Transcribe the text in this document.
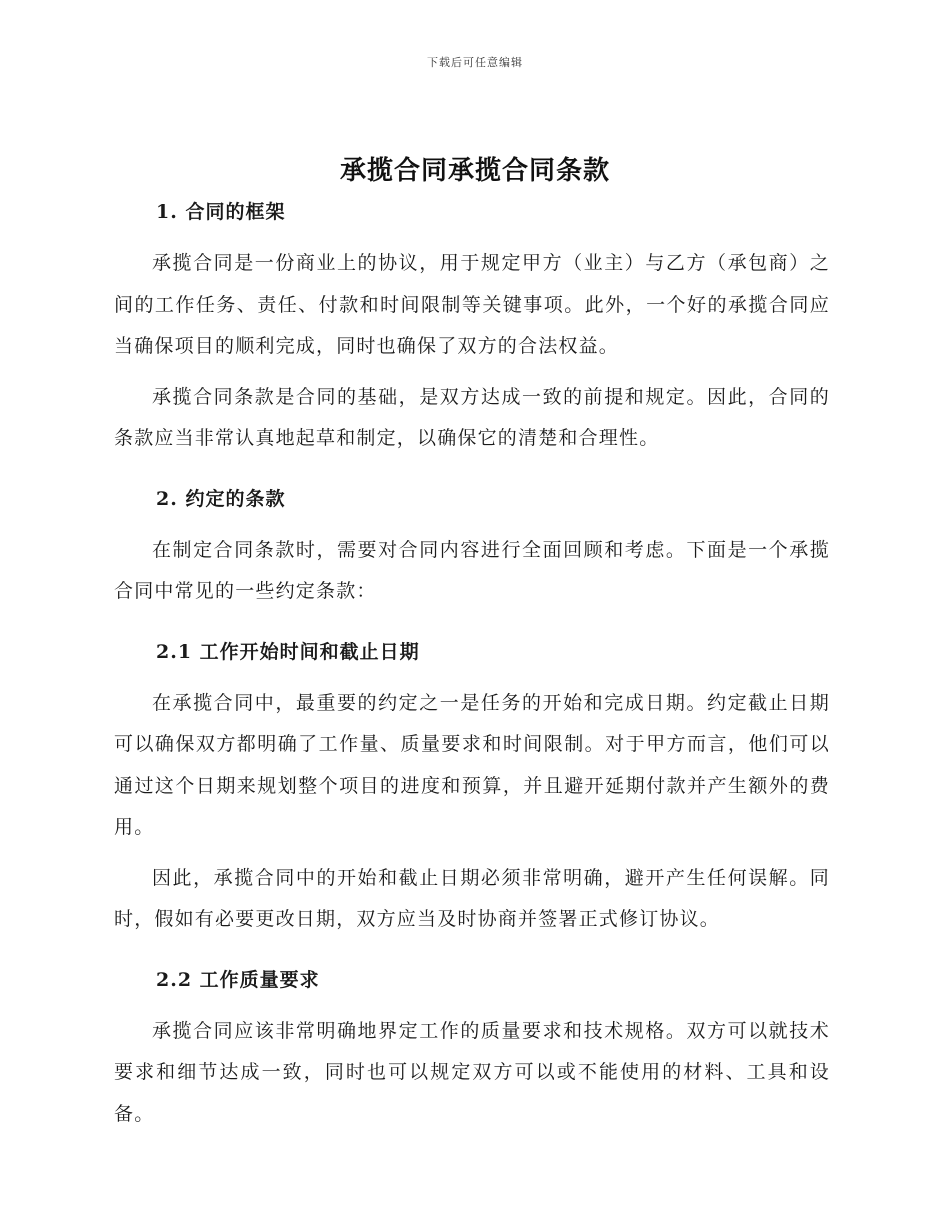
下载后可任意编辑
承揽合同承揽合同条款

1. 合同的框架

承揽合同是一份商业上的协议，用于规定甲方（业主）与乙方（承包商）之间的工作任务、责任、付款和时间限制等关键事项。此外，一个好的承揽合同应当确保项目的顺利完成，同时也确保了双方的合法权益。

承揽合同条款是合同的基础，是双方达成一致的前提和规定。因此，合同的条款应当非常认真地起草和制定，以确保它的清楚和合理性。

2. 约定的条款

在制定合同条款时，需要对合同内容进行全面回顾和考虑。下面是一个承揽合同中常见的一些约定条款：

2.1 工作开始时间和截止日期

在承揽合同中，最重要的约定之一是任务的开始和完成日期。约定截止日期可以确保双方都明确了工作量、质量要求和时间限制。对于甲方而言，他们可以通过这个日期来规划整个项目的进度和预算，并且避开延期付款并产生额外的费用。

因此，承揽合同中的开始和截止日期必须非常明确，避开产生任何误解。同时，假如有必要更改日期，双方应当及时协商并签署正式修订协议。

2.2 工作质量要求

承揽合同应该非常明确地界定工作的质量要求和技术规格。双方可以就技术要求和细节达成一致，同时也可以规定双方可以或不能使用的材料、工具和设备。
